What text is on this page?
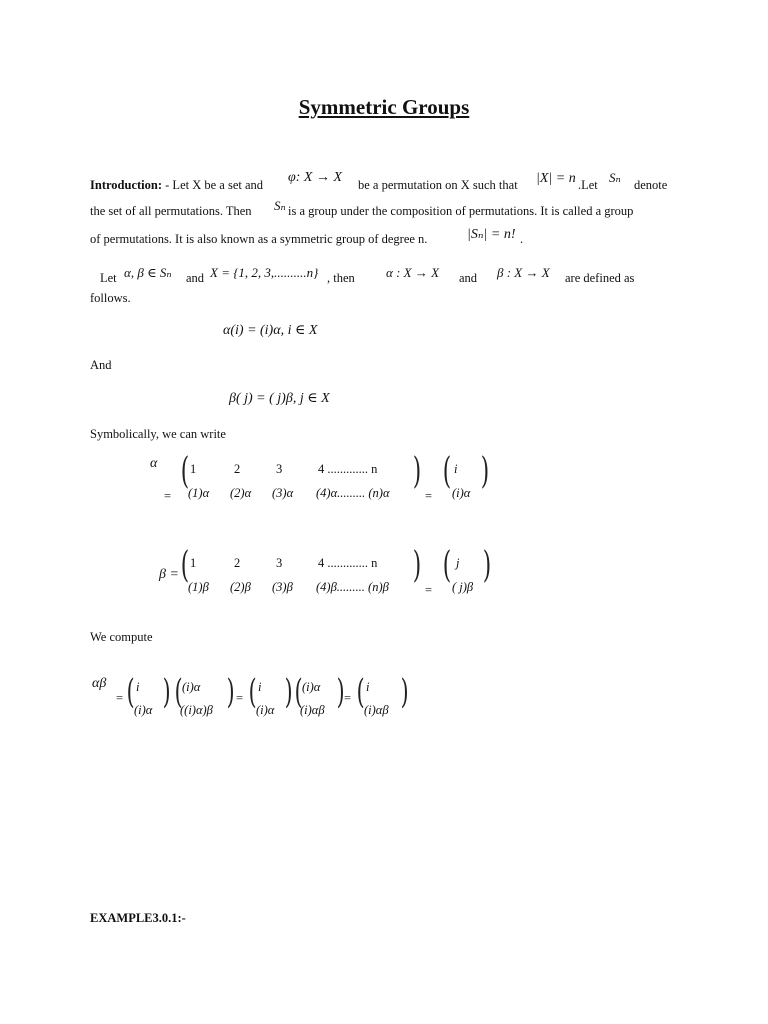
Symmetric Groups
Introduction: - Let X be a set and φ: X → X be a permutation on X such that |X| = n .Let Sₙ denote
the set of all permutations. Then Sₙ is a group under the composition of permutations. It is called a group
of permutations. It is also known as a symmetric group of degree n.	|Sₙ| = n! .
Let α, β ∈ Sₙ and X = {1, 2, 3,..........n} , then α : X → X and β : X → X are defined as
follows.
α(i) = (i)α, i ∈ X
And
β( j) = ( j)β, j ∈ X
Symbolically, we can write
α
=
( 1	2	3	4 ............. n
(1)α (2)α (3)α (4)α......... (n)α
)
=
( i
(i)α
)
β = ( 1	2	3	4 ............. n
(1)β (2)β (3)β (4)β......... (n)β
)
=
( j
( j)β
)
We compute
αβ
= ( i
(i)α ) ( (i)α
((i)α)β ) = ( i
(i)α ) ( (i)α
(i)αβ ) = ( i
(i)αβ )
EXAMPLE3.0.1:-
